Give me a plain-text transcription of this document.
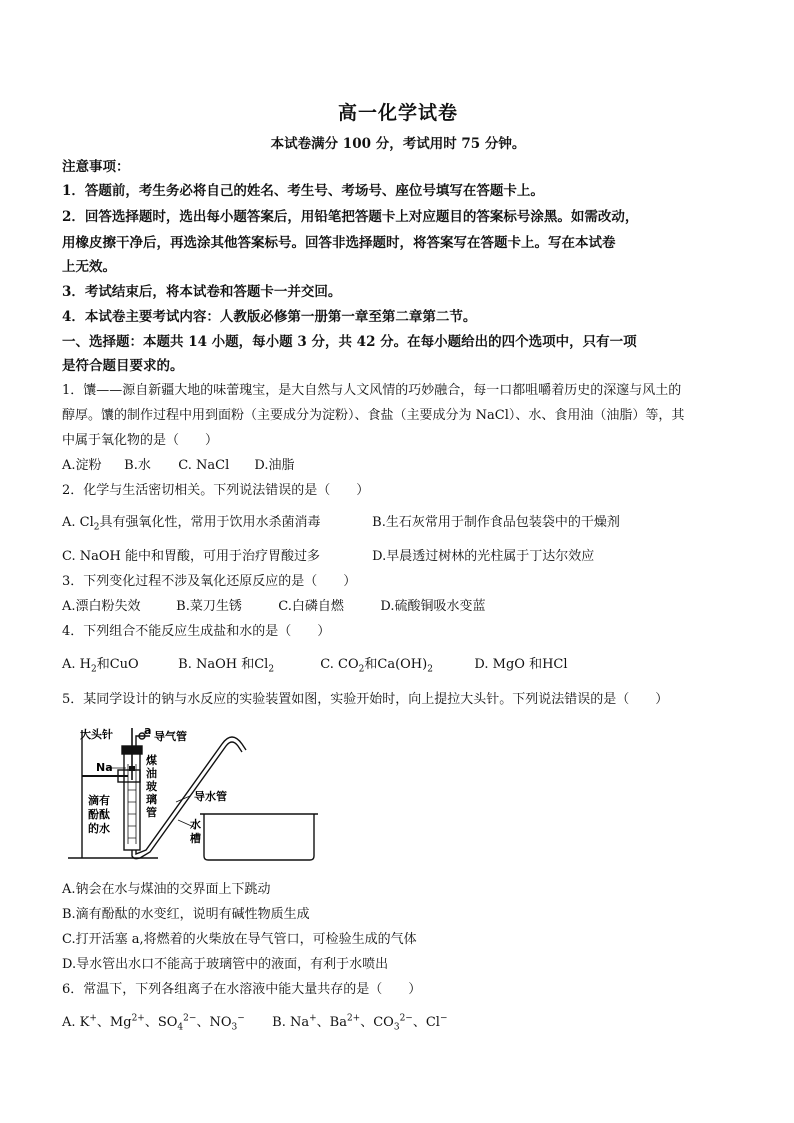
高一化学试卷
本试卷满分 100 分，考试用时 75 分钟。
注意事项：
1．答题前，考生务必将自己的姓名、考生号、考场号、座位号填写在答题卡上。
2．回答选择题时，选出每小题答案后，用铅笔把答题卡上对应题目的答案标号涂黑。如需改动，
用橡皮擦干净后，再选涂其他答案标号。回答非选择题时，将答案写在答题卡上。写在本试卷
上无效。
3．考试结束后，将本试卷和答题卡一并交回。
4．本试卷主要考试内容：人教版必修第一册第一章至第二章第二节。
一、选择题：本题共 14 小题，每小题 3 分，共 42 分。在每小题给出的四个选项中，只有一项
是符合题目要求的。
1．馕——源自新疆大地的味蕾瑰宝，是大自然与人文风情的巧妙融合，每一口都咀嚼着历史的深邃与风土的
醇厚。馕的制作过程中用到面粉（主要成分为淀粉）、食盐（主要成分为 NaCl）、水、食用油（油脂）等，其
中属于氧化物的是（　　）
A.淀粉 B.水 C. NaCl D.油脂
2．化学与生活密切相关。下列说法错误的是（　　）
A. $Cl_2$具有强氧化性，常用于饮用水杀菌消毒	B.生石灰常用于制作食品包装袋中的干燥剂
C. NaOH 能中和胃酸，可用于治疗胃酸过多	D.早晨透过树林的光柱属于丁达尔效应
3．下列变化过程不涉及氧化还原反应的是（　　）
A.漂白粉失效	B.菜刀生锈	C.白磷自燃	D.硫酸铜吸水变蓝
4．下列组合不能反应生成盐和水的是（　　）
A. $H_2$和CuO	B. NaOH 和$Cl_2$	C. $CO_2$和$Ca(OH)_2$	D. MgO 和HCl
5．某同学设计的钠与水反应的实验装置如图，实验开始时，向上提拉大头针。下列说法错误的是（　　）
大头针	a 导气管
Na
煤
油
玻
璃
管
导水管
滴有
酚酞
的水	水
槽
A.钠会在水与煤油的交界面上下跳动
B.滴有酚酞的水变红，说明有碱性物质生成
C.打开活塞 a,将燃着的火柴放在导气管口，可检验生成的气体
D.导水管出水口不能高于玻璃管中的液面，有利于水喷出
6．常温下，下列各组离子在水溶液中能大量共存的是（　　）
A. K+、$Mg^{2+}$、$SO_4^{2-}$、$NO_3^-$ B. Na+、$Ba^{2+}$、$CO_3^{2-}$、Cl−
